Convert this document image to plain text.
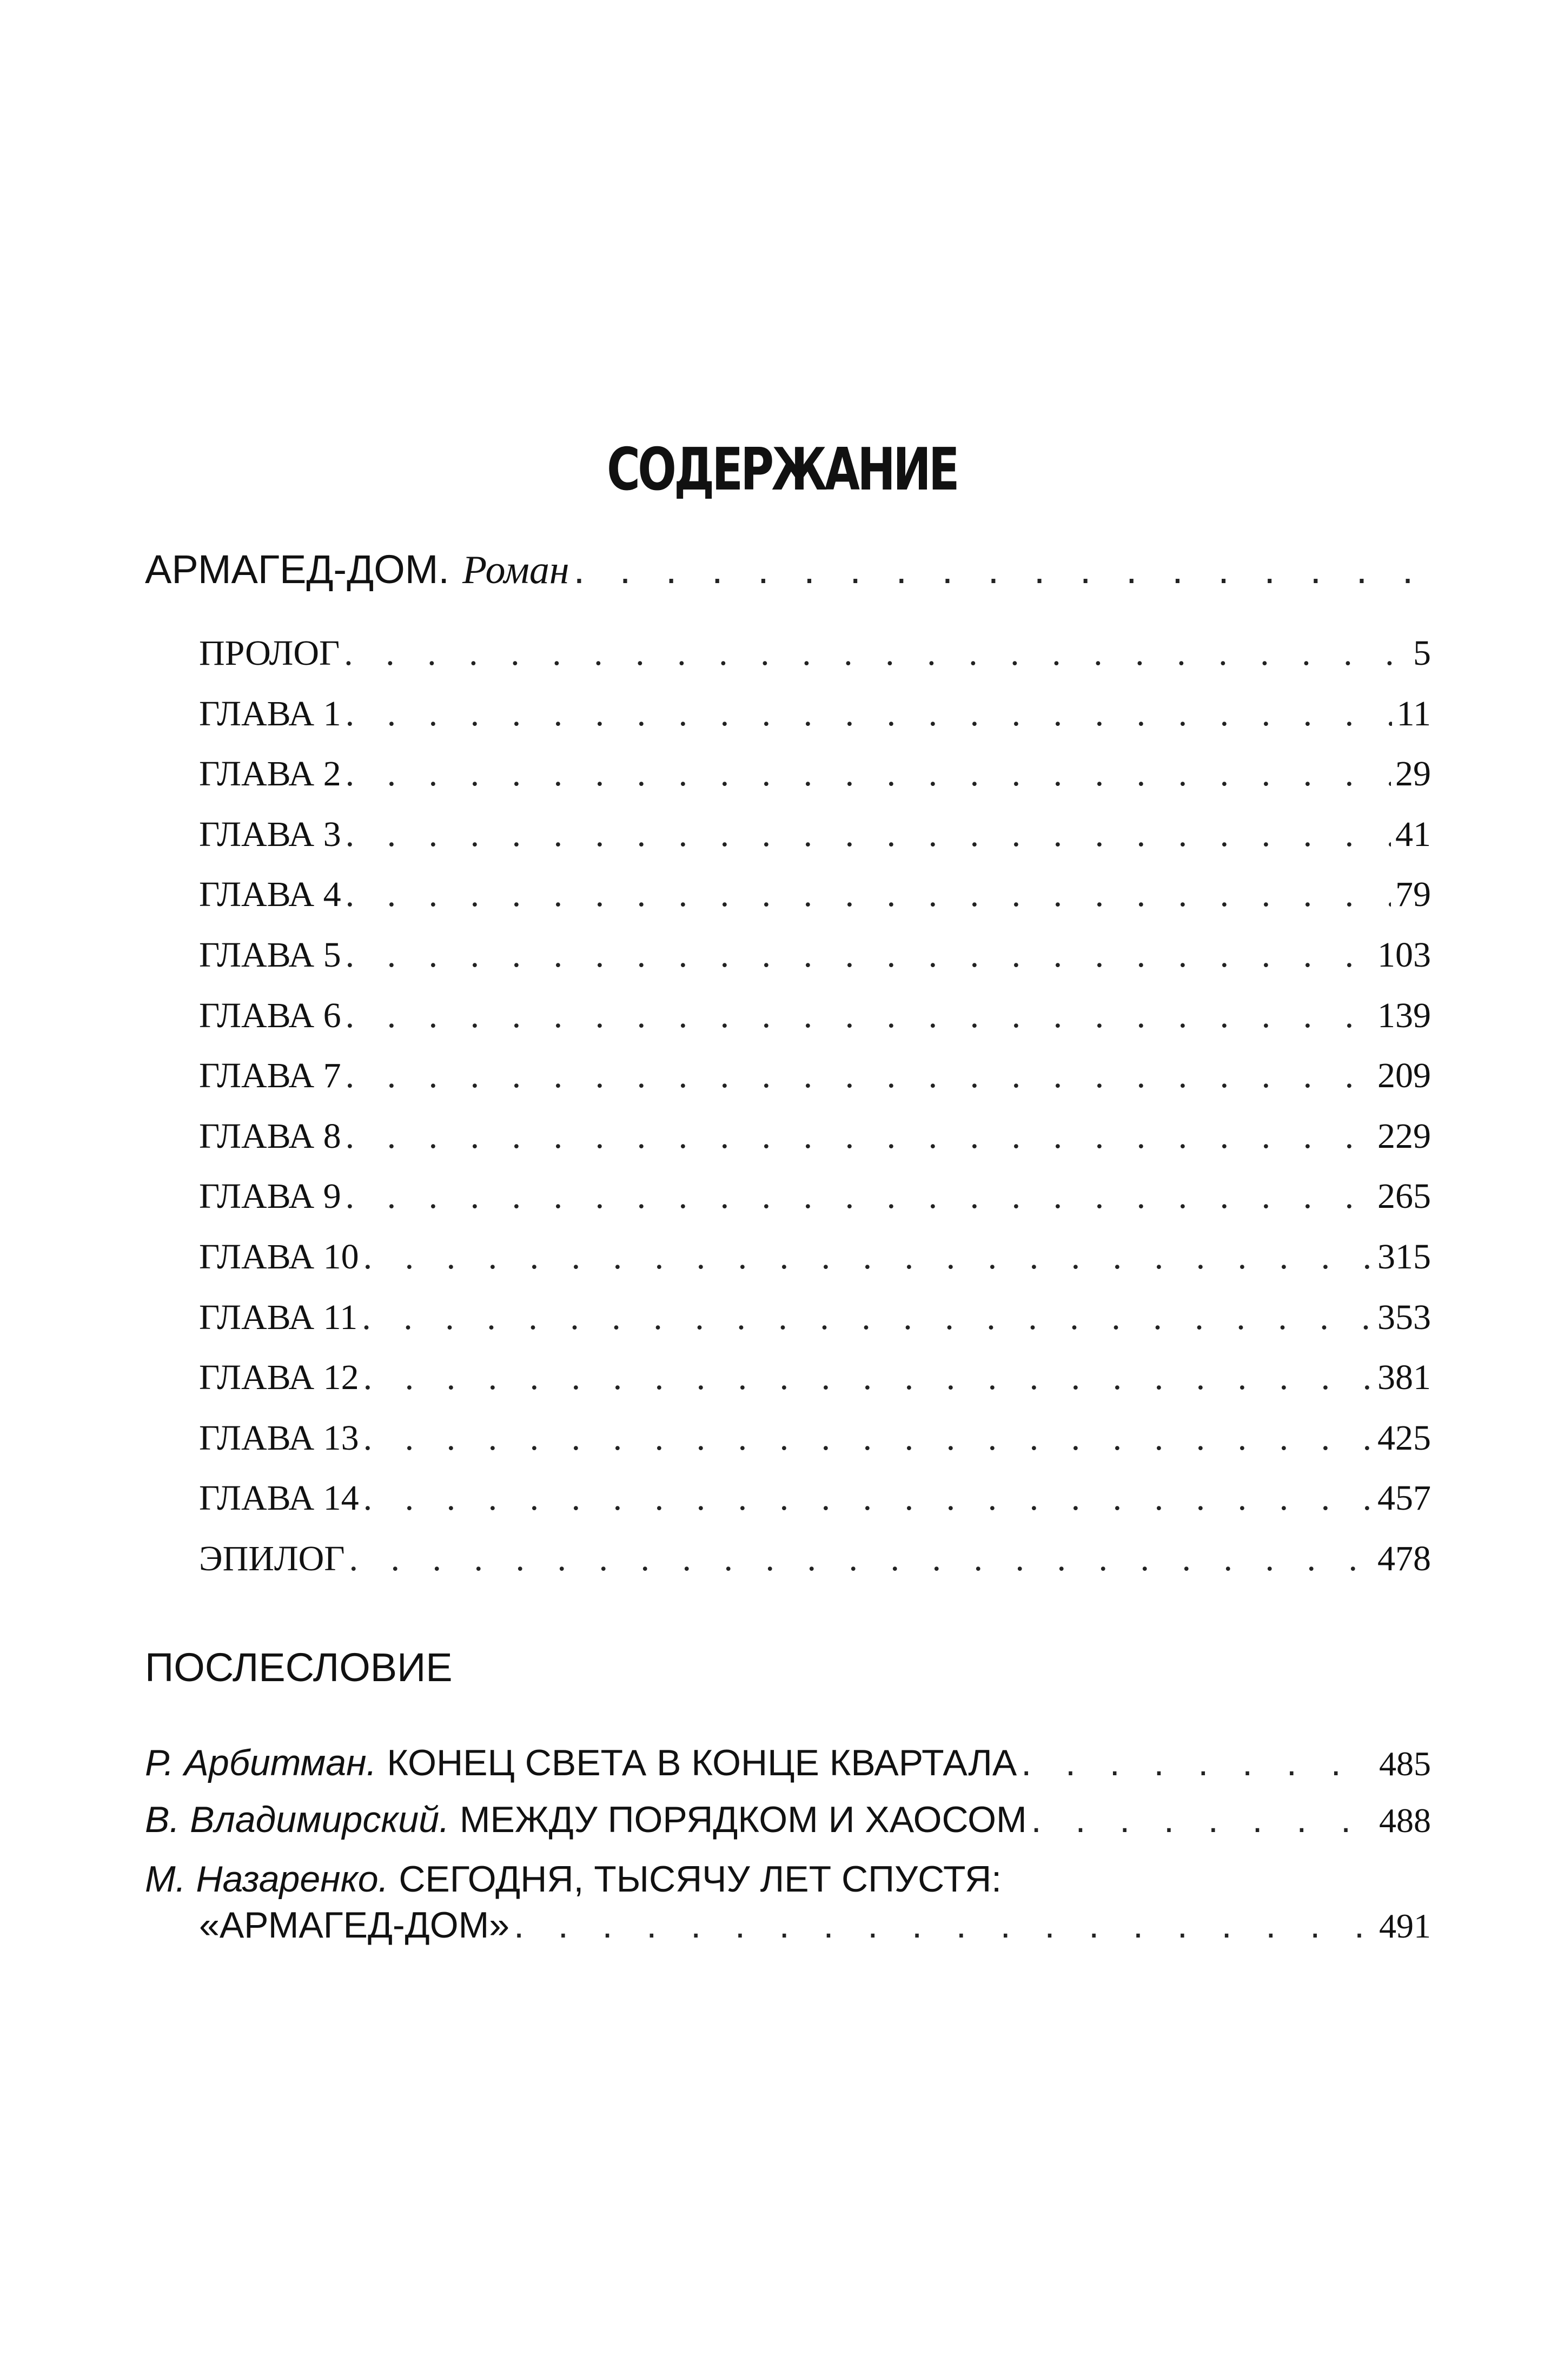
СОДЕРЖАНИЕ
АРМАГЕД-ДОМ. Роман
. . .
ПРОЛОГ . . .	5
ГЛАВА 1 . . .	11
ГЛАВА 2 . . .	29
ГЛАВА 3 . . .	41
ГЛАВА 4 . . .	79
ГЛАВА 5 . . .	103
ГЛАВА 6 . . .	139
ГЛАВА 7 . . .	209
ГЛАВА 8 . . .	229
ГЛАВА 9 . . .	265
ГЛАВА 10 . . .	315
ГЛАВА 11 . . .	353
ГЛАВА 12 . . .	381
ГЛАВА 13 . . .	425
ГЛАВА 14 . . .	457
ЭПИЛОГ . . .	478
ПОСЛЕСЛОВИЕ
Р. Арбитман. КОНЕЦ СВЕТА В КОНЦЕ КВАРТАЛА . . .	485
В. Владимирский. МЕЖДУ ПОРЯДКОМ И ХАОСОМ . . .	488
М. Назаренко. СЕГОДНЯ, ТЫСЯЧУ ЛЕТ СПУСТЯ:
«АРМАГЕД-ДОМ» . . .	491
